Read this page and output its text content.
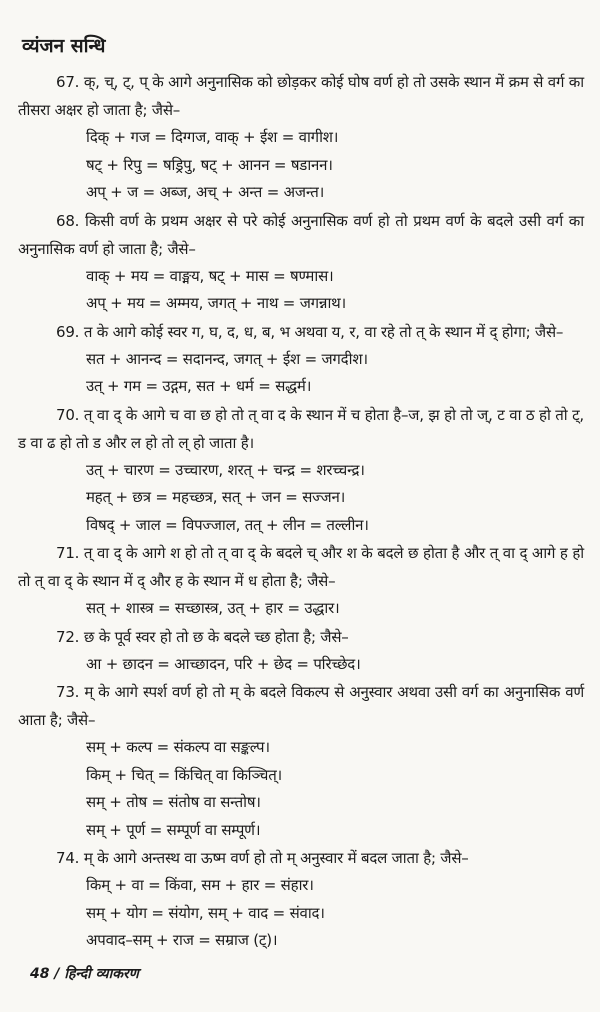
व्यंजन सन्धि

67. क्, च्, ट्, प् के आगे अनुनासिक को छोड़कर कोई घोष वर्ण हो तो उसके स्थान में क्रम से वर्ग का तीसरा अक्षर हो जाता है; जैसे–

दिक् + गज = दिग्गज, वाक् + ईश = वागीश।

षट् + रिपु = षड्रिपु, षट् + आनन = षडानन।

अप् + ज = अब्ज, अच् + अन्त = अजन्त।

68. किसी वर्ण के प्रथम अक्षर से परे कोई अनुनासिक वर्ण हो तो प्रथम वर्ण के बदले उसी वर्ग का अनुनासिक वर्ण हो जाता है; जैसे–

वाक् + मय = वाङ्मय, षट् + मास = षण्मास।

अप् + मय = अम्मय, जगत् + नाथ = जगन्नाथ।

69. त के आगे कोई स्वर ग, घ, द, ध, ब, भ अथवा य, र, वा रहे तो त् के स्थान में द् होगा; जैसे–

सत + आनन्द = सदानन्द, जगत् + ईश = जगदीश।

उत् + गम = उद्गम, सत + धर्म = सद्धर्म।

70. त् वा द् के आगे च वा छ हो तो त् वा द के स्थान में च होता है–ज, झ हो तो ज्, ट वा ठ हो तो ट्, ड वा ढ हो तो ड और ल हो तो ल् हो जाता है।

उत् + चारण = उच्चारण, शरत् + चन्द्र = शरच्चन्द्र।

महत् + छत्र = महच्छत्र, सत् + जन = सज्जन।

विषद् + जाल = विपज्जाल, तत् + लीन = तल्लीन।

71. त् वा द् के आगे श हो तो त् वा द् के बदले च् और श के बदले छ होता है और त् वा द् आगे ह हो तो त् वा द् के स्थान में द् और ह के स्थान में ध होता है; जैसे–

सत् + शास्त्र = सच्छास्त्र, उत् + हार = उद्धार।

72. छ के पूर्व स्वर हो तो छ के बदले च्छ होता है; जैसे–

आ + छादन = आच्छादन, परि + छेद = परिच्छेद।

73. म् के आगे स्पर्श वर्ण हो तो म् के बदले विकल्प से अनुस्वार अथवा उसी वर्ग का अनुनासिक वर्ण आता है; जैसे–

सम् + कल्प = संकल्प वा सङ्कल्प।

किम् + चित् = किंचित् वा किञ्चित्।

सम् + तोष = संतोष वा सन्तोष।

सम् + पूर्ण = सम्पूर्ण वा सम्पूर्ण।

74. म् के आगे अन्तस्थ वा ऊष्म वर्ण हो तो म् अनुस्वार में बदल जाता है; जैसे–

किम् + वा = किंवा, सम + हार = संहार।

सम् + योग = संयोग, सम् + वाद = संवाद।

अपवाद–सम् + राज = सम्राज (ट्)।

48 / हिन्दी व्याकरण
